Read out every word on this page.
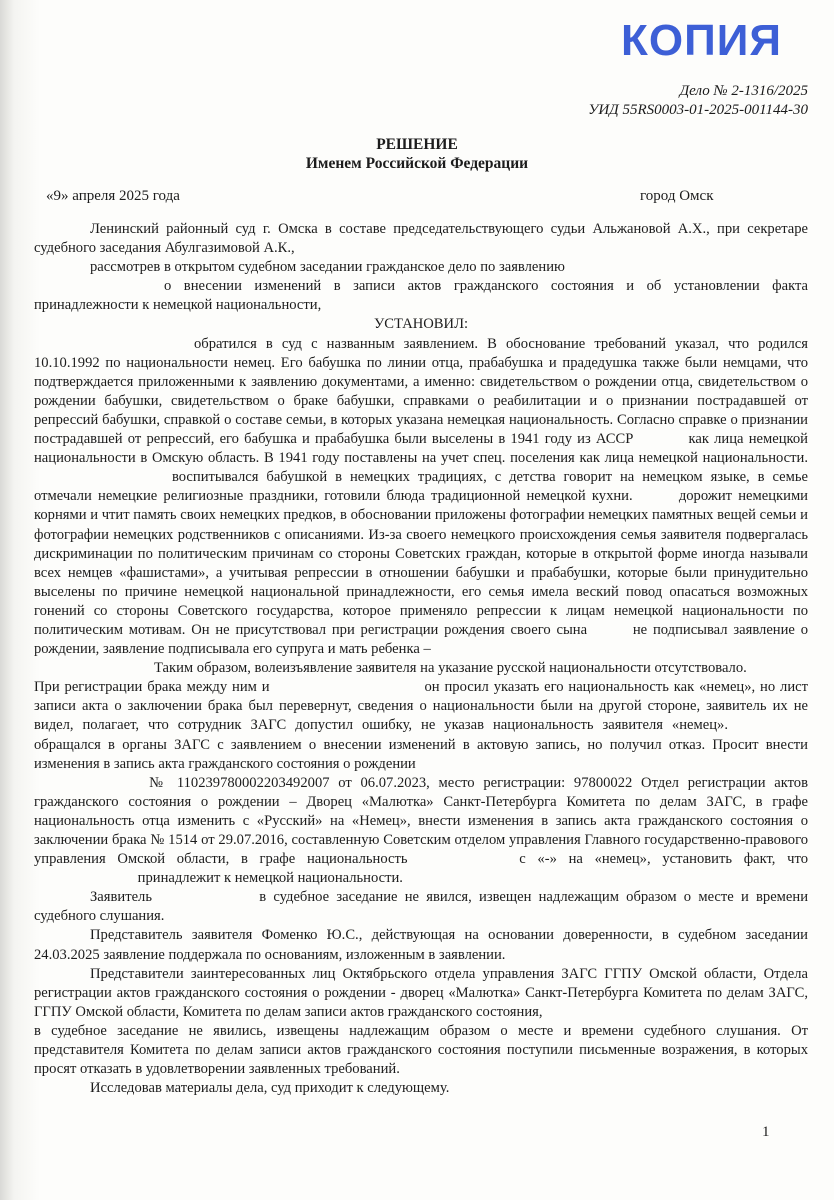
КОПИЯ
Дело № 2-1316/2025
УИД 55RS0003-01-2025-001144-30
РЕШЕНИЕ
Именем Российской Федерации
«9» апреля 2025 года	город Омск

Ленинский районный суд г. Омска в составе председательствующего судьи Альжановой А.Х., при секретаре судебного заседания Абулгазимовой А.К.,

рассмотрев в открытом судебном заседании гражданское дело по заявлению

о внесении изменений в записи актов гражданского состояния и об установлении факта принадлежности к немецкой национальности,

УСТАНОВИЛ:

обратился в суд с названным заявлением. В обоснование требований указал, что родился 10.10.1992 по национальности немец. Его бабушка по линии отца, прабабушка и прадедушка также были немцами, что подтверждается приложенными к заявлению документами, а именно: свидетельством о рождении отца, свидетельством о рождении бабушки, свидетельством о браке бабушки, справками о реабилитации и о признании пострадавшей от репрессий бабушки, справкой о составе семьи, в которых указана немецкая национальность. Согласно справке о признании пострадавшей от репрессий, его бабушка и прабабушка были выселены в 1941 году из АССР	как лица немецкой национальности в Омскую область. В 1941 году поставлены на учет спец. поселения как лица немецкой национальности. воспитывался бабушкой в немецких традициях, с детства говорит на немецком языке, в семье отмечали немецкие религиозные праздники, готовили блюда традиционной немецкой кухни.	дорожит немецкими корнями и чтит память своих немецких предков, в обосновании приложены фотографии немецких памятных вещей семьи и фотографии немецких родственников с описаниями. Из-за своего немецкого происхождения семья заявителя подвергалась дискриминации по политическим причинам со стороны Советских граждан, которые в открытой форме иногда называли всех немцев «фашистами», а учитывая репрессии в отношении бабушки и прабабушки, которые были принудительно выселены по причине немецкой национальной принадлежности, его семья имела веский повод опасаться возможных гонений со стороны Советского государства, которое применяло репрессии к лицам немецкой национальности по политическим мотивам. Он не присутствовал при регистрации рождения своего сына	не подписывал заявление о рождении, заявление подписывала его супруга и мать ребенка –

Таким образом, волеизъявление заявителя на указание русской национальности отсутствовало.

При регистрации брака между ним и	он просил указать его национальность как «немец», но лист записи акта о заключении брака был перевернут, сведения о национальности были на другой стороне, заявитель их не видел, полагает, что сотрудник ЗАГС допустил ошибку, не указав национальность заявителя «немец». обращался в органы ЗАГС с заявлением о внесении изменений в актовую запись, но получил отказ. Просит внести изменения в запись акта гражданского состояния о рождении

№ 110239780002203492007 от 06.07.2023, место регистрации: 97800022 Отдел регистрации актов гражданского состояния о рождении – Дворец «Малютка» Санкт-Петербурга Комитета по делам ЗАГС, в графе национальность отца изменить с «Русский» на «Немец», внести изменения в запись акта гражданского состояния о заключении брака № 1514 от 29.07.2016, составленную Советским отделом управления Главного государственно-правового управления Омской области, в графе национальность	с «-» на «немец», установить факт, что принадлежит к немецкой национальности.

Заявитель	в судебное заседание не явился, извещен надлежащим образом о месте и времени судебного слушания.

Представитель заявителя Фоменко Ю.С., действующая на основании доверенности, в судебном заседании 24.03.2025 заявление поддержала по основаниям, изложенным в заявлении.

Представители заинтересованных лиц Октябрьского отдела управления ЗАГС ГГПУ Омской области, Отдела регистрации актов гражданского состояния о рождении - дворец «Малютка» Санкт-Петербурга Комитета по делам ЗАГС, ГГПУ Омской области, Комитета по делам записи актов гражданского состояния,

в судебное заседание не явились, извещены надлежащим образом о месте и времени судебного слушания. От представителя Комитета по делам записи актов гражданского состояния поступили письменные возражения, в которых просят отказать в удовлетворении заявленных требований.

Исследовав материалы дела, суд приходит к следующему.

1
